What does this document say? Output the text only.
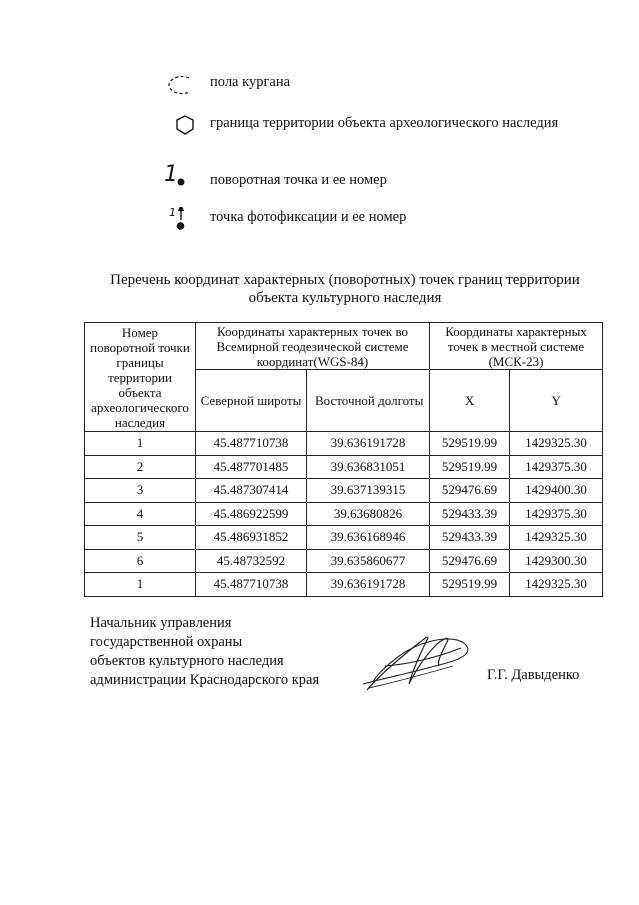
пола кургана
граница территории объекта археологического наследия
1 поворотная точка и ее номер
1 точка фотофиксации и ее номер
Перечень координат характерных (поворотных) точек границ территории объекта культурного наследия
Номер поворотной точки границы территории объекта археологического наследия	Координаты характерных точек во Всемирной геодезической системе координат(WGS-84)		Координаты характерных точек в местной системе (МСК-23)	
	Северной широты	Восточной долготы	X	Y
1	45.487710738	39.636191728	529519.99	1429325.30
2	45.487701485	39.636831051	529519.99	1429375.30
3	45.487307414	39.637139315	529476.69	1429400.30
4	45.486922599	39.63680826	529433.39	1429375.30
5	45.486931852	39.636168946	529433.39	1429325.30
6	45.48732592	39.635860677	529476.69	1429300.30
1	45.487710738	39.636191728	529519.99	1429325.30
Начальник управления
государственной охраны
объектов культурного наследия
администрации Краснодарского края	Г.Г. Давыденко
